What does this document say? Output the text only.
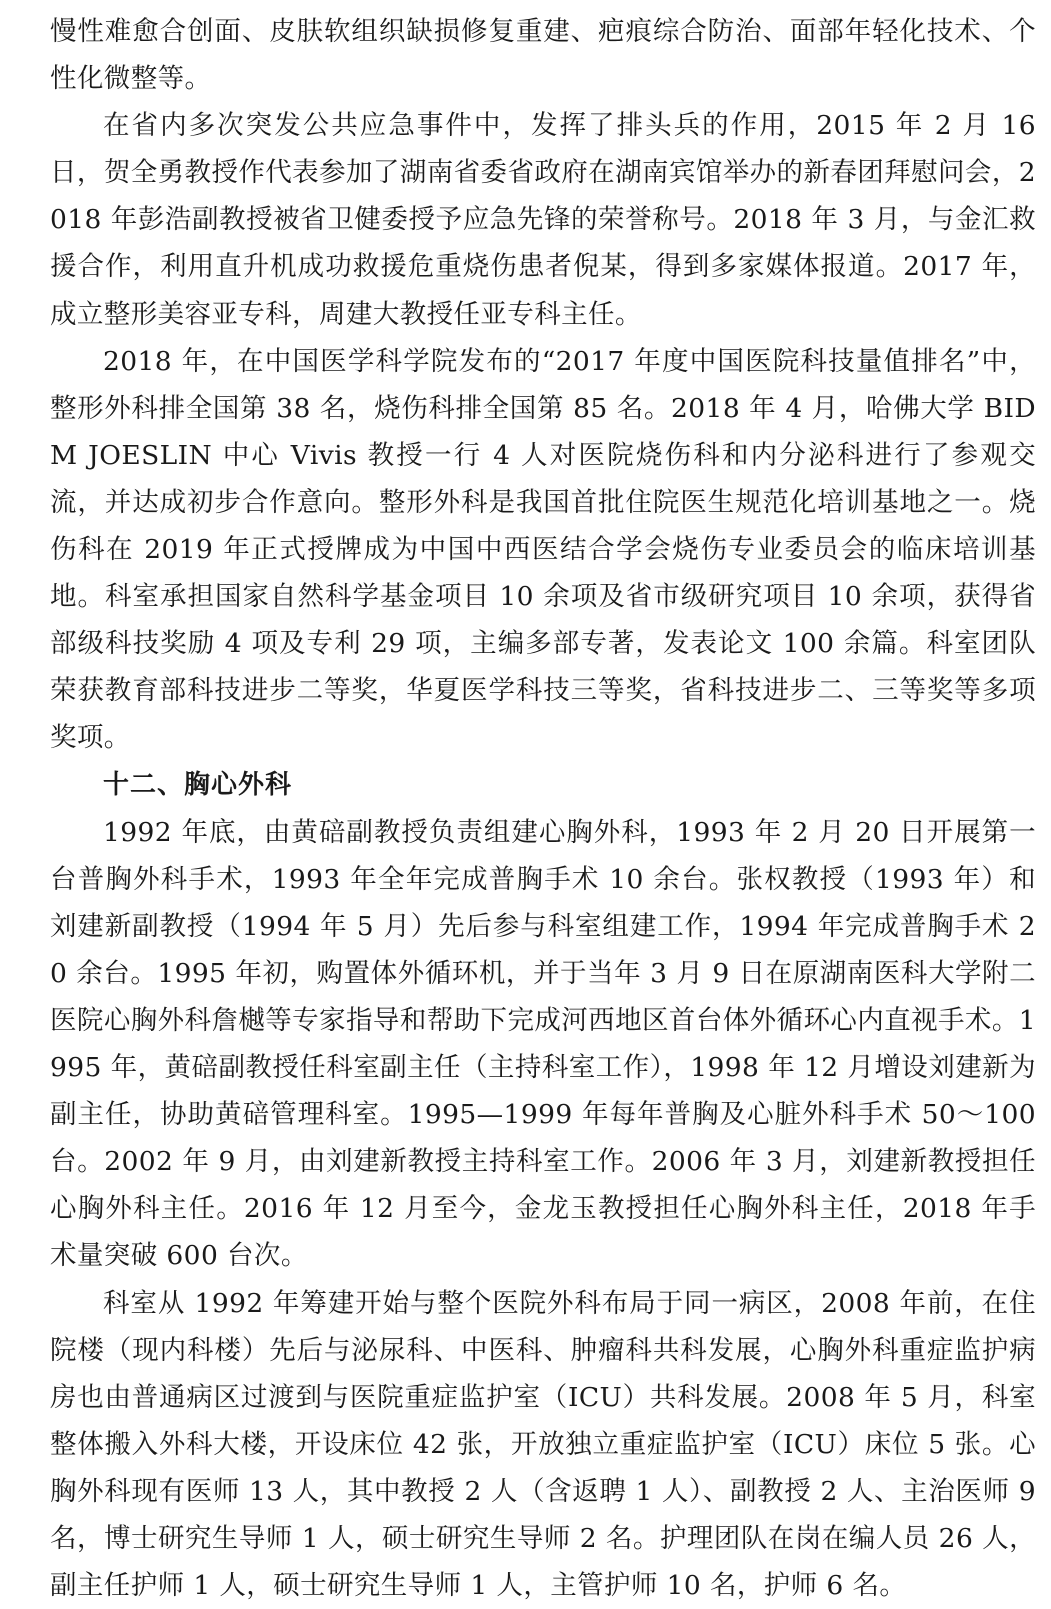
慢性难愈合创面、皮肤软组织缺损修复重建、疤痕综合防治、面部年轻化技术、个性化微整等。

在省内多次突发公共应急事件中，发挥了排头兵的作用，2015 年 2 月 16 日，贺全勇教授作代表参加了湖南省委省政府在湖南宾馆举办的新春团拜慰问会，2018 年彭浩副教授被省卫健委授予应急先锋的荣誉称号。2018 年 3 月，与金汇救援合作，利用直升机成功救援危重烧伤患者倪某，得到多家媒体报道。2017 年，成立整形美容亚专科，周建大教授任亚专科主任。

2018 年，在中国医学科学院发布的“2017 年度中国医院科技量值排名”中，整形外科排全国第 38 名，烧伤科排全国第 85 名。2018 年 4 月，哈佛大学 BIDM JOESLIN 中心 Vivis 教授一行 4 人对医院烧伤科和内分泌科进行了参观交流，并达成初步合作意向。整形外科是我国首批住院医生规范化培训基地之一。烧伤科在 2019 年正式授牌成为中国中西医结合学会烧伤专业委员会的临床培训基地。科室承担国家自然科学基金项目 10 余项及省市级研究项目 10 余项，获得省部级科技奖励 4 项及专利 29 项，主编多部专著，发表论文 100 余篇。科室团队荣获教育部科技进步二等奖，华夏医学科技三等奖，省科技进步二、三等奖等多项奖项。

十二、胸心外科

1992 年底，由黄碚副教授负责组建心胸外科，1993 年 2 月 20 日开展第一台普胸外科手术，1993 年全年完成普胸手术 10 余台。张权教授（1993 年）和刘建新副教授（1994 年 5 月）先后参与科室组建工作，1994 年完成普胸手术 20 余台。1995 年初，购置体外循环机，并于当年 3 月 9 日在原湖南医科大学附二医院心胸外科詹樾等专家指导和帮助下完成河西地区首台体外循环心内直视手术。1995 年，黄碚副教授任科室副主任（主持科室工作），1998 年 12 月增设刘建新为副主任，协助黄碚管理科室。1995—1999 年每年普胸及心脏外科手术 50～100 台。2002 年 9 月，由刘建新教授主持科室工作。2006 年 3 月，刘建新教授担任心胸外科主任。2016 年 12 月至今，金龙玉教授担任心胸外科主任，2018 年手术量突破 600 台次。

科室从 1992 年筹建开始与整个医院外科布局于同一病区，2008 年前，在住院楼（现内科楼）先后与泌尿科、中医科、肿瘤科共科发展，心胸外科重症监护病房也由普通病区过渡到与医院重症监护室（ICU）共科发展。2008 年 5 月，科室整体搬入外科大楼，开设床位 42 张，开放独立重症监护室（ICU）床位 5 张。心胸外科现有医师 13 人，其中教授 2 人（含返聘 1 人）、副教授 2 人、主治医师 9 名，博士研究生导师 1 人，硕士研究生导师 2 名。护理团队在岗在编人员 26 人，副主任护师 1 人，硕士研究生导师 1 人，主管护师 10 名，护师 6 名。
